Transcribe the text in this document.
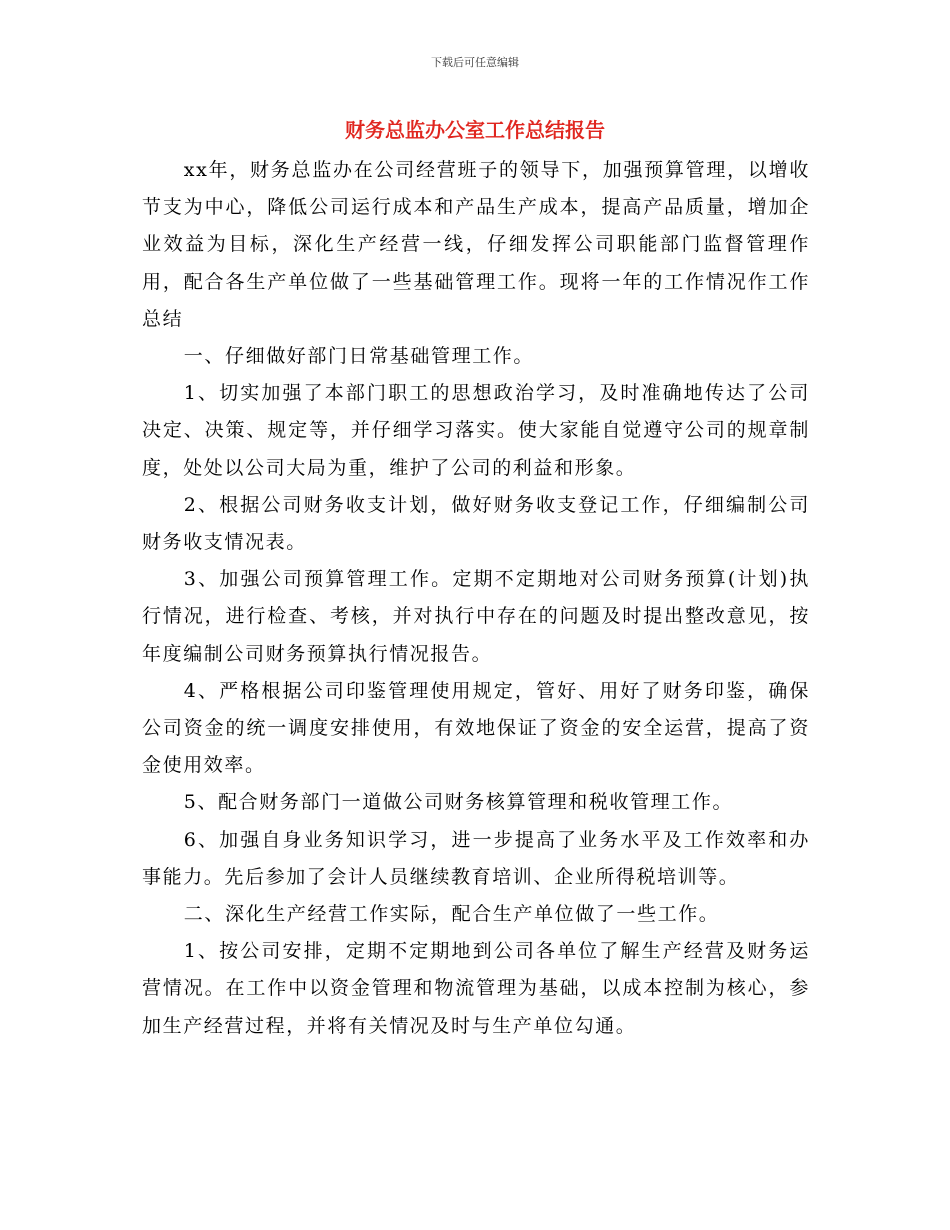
下载后可任意编辑
财务总监办公室工作总结报告

xx年，财务总监办在公司经营班子的领导下，加强预算管理，以增收节支为中心，降低公司运行成本和产品生产成本，提高产品质量，增加企业效益为目标，深化生产经营一线，仔细发挥公司职能部门监督管理作用，配合各生产单位做了一些基础管理工作。现将一年的工作情况作工作总结

一、仔细做好部门日常基础管理工作。

1、切实加强了本部门职工的思想政治学习，及时准确地传达了公司决定、决策、规定等，并仔细学习落实。使大家能自觉遵守公司的规章制度，处处以公司大局为重，维护了公司的利益和形象。

2、根据公司财务收支计划，做好财务收支登记工作，仔细编制公司财务收支情况表。

3、加强公司预算管理工作。定期不定期地对公司财务预算(计划)执行情况，进行检查、考核，并对执行中存在的问题及时提出整改意见，按年度编制公司财务预算执行情况报告。

4、严格根据公司印鉴管理使用规定，管好、用好了财务印鉴，确保公司资金的统一调度安排使用，有效地保证了资金的安全运营，提高了资金使用效率。

5、配合财务部门一道做公司财务核算管理和税收管理工作。

6、加强自身业务知识学习，进一步提高了业务水平及工作效率和办事能力。先后参加了会计人员继续教育培训、企业所得税培训等。

二、深化生产经营工作实际，配合生产单位做了一些工作。

1、按公司安排，定期不定期地到公司各单位了解生产经营及财务运营情况。在工作中以资金管理和物流管理为基础，以成本控制为核心，参加生产经营过程，并将有关情况及时与生产单位勾通。
